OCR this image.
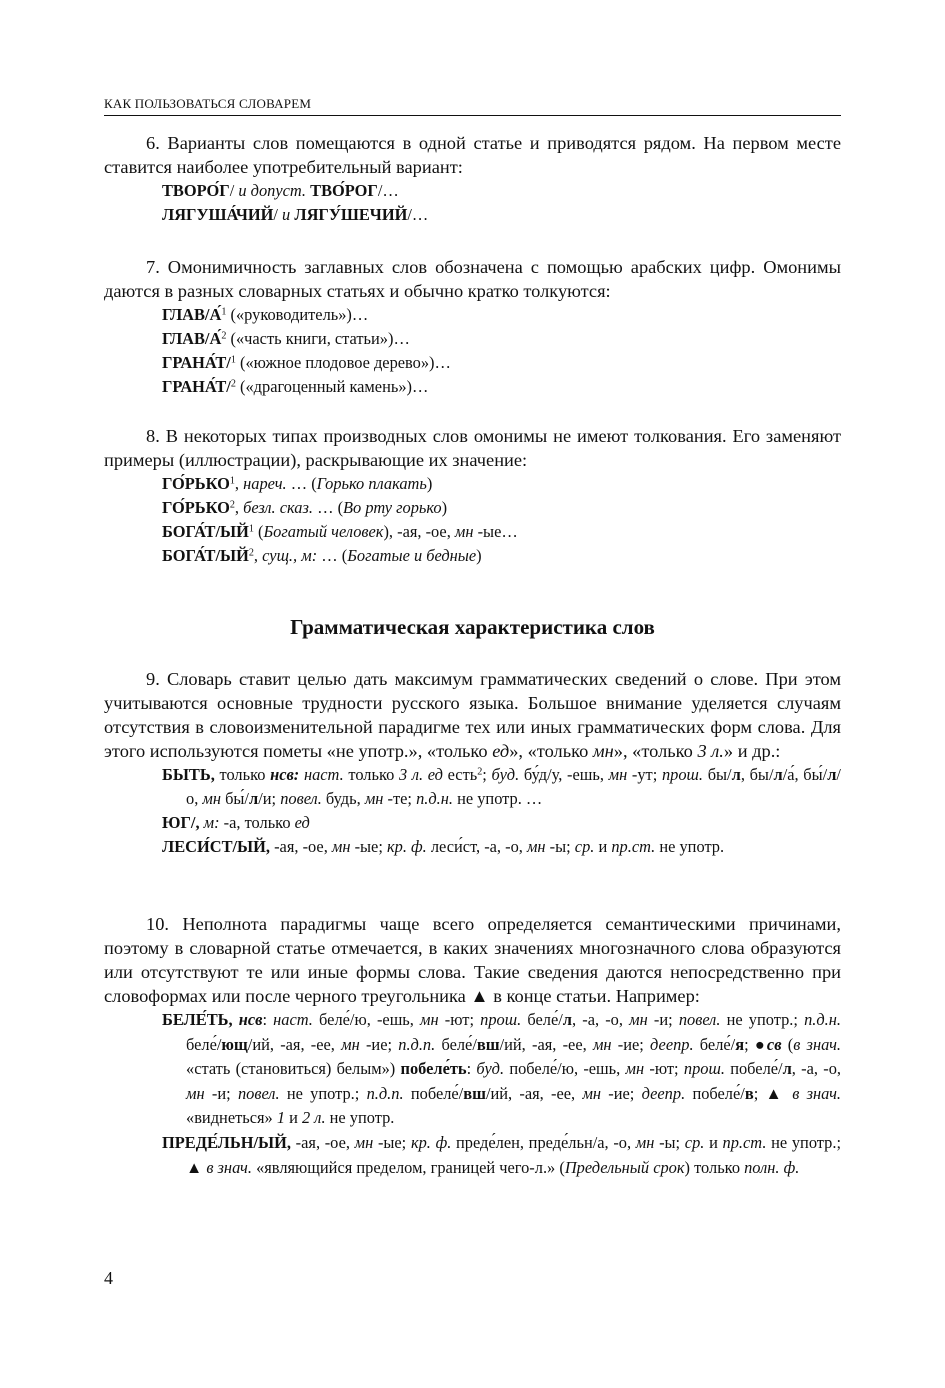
КАК ПОЛЬЗОВАТЬСЯ СЛОВАРЕМ

6. Варианты слов помещаются в одной статье и приводятся рядом. На первом месте ставится наиболее употребительный вариант:

ТВОРО́Г/ и допуст. ТВО́РОГ/…
ЛЯГУША́ЧИЙ/ и ЛЯГУ́ШЕЧИЙ/…

7. Омонимичность заглавных слов обозначена с помощью арабских цифр. Омонимы даются в разных словарных статьях и обычно кратко толкуются:

ГЛАВ/А́$^1$ («руководитель»)…
ГЛАВ/А́$^2$ («часть книги, статьи»)…
ГРАНА́Т/$^1$ («южное плодовое дерево»)…
ГРАНА́Т/$^2$ («драгоценный камень»)…

8. В некоторых типах производных слов омонимы не имеют толкования. Его заменяют примеры (иллюстрации), раскрывающие их значение:

ГО́РЬКО$^1$, нареч. … (Горько плакать)
ГО́РЬКО$^2$, безл. сказ. … (Во рту горько)
$БОГА́Т/ЫЙ^1$ (Богатый человек), -ая, -ое, мн -ые…
$БОГА́Т/ЫЙ^2$, сущ., м: … (Богатые и бедные)
Грамматическая характеристика слов

9. Словарь ставит целью дать максимум грамматических сведений о слове. При этом учитываются основные трудности русского языка. Большое внимание уделяется случаям отсутствия в словоизменительной парадигме тех или иных грамматических форм слова. Для этого используются пометы «не употр.», «только ед», «только мн», «только 3 л.» и др.:

БЫТЬ, только нсв: наст. только 3 л. ед есть$^2$; буд. бу́д/у, -ешь, мн -ут; прош. бы/л, бы/л/а́, бы́/л/о, мн бы́/л/и; повел. будь, мн -те; п.д.н. не употр. …
ЮГ/, м: -а, только ед
ЛЕСИ́СТ/ЫЙ, -ая, -ое, мн -ые; кр. ф. леси́ст, -а, -о, мн -ы; ср. и пр.ст. не употр.

10. Неполнота парадигмы чаще всего определяется семантическими причинами, поэтому в словарной статье отмечается, в каких значениях многозначного слова образуются или отсутствуют те или иные формы слова. Такие сведения даются непосредственно при словоформах или после черного треугольника ▲ в конце статьи. Например:

БЕЛЕ́ТЬ, нсв: наст. беле́/ю, -ешь, мн -ют; прош. беле́/л, -а, -о, мн -и; повел. не употр.; п.д.н. беле́/ющ/ий, -ая, -ее, мн -ие; п.д.п. беле́/вш/ий, -ая, -ее, мн -ие; деепр. беле́/я; ●св (в знач. «стать (становиться) белым») побеле́ть: буд. побеле́/ю, -ешь, мн -ют; прош. побеле́/л, -а, -о, мн -и; повел. не употр.; п.д.п. побеле́/вш/ий, -ая, -ее, мн -ие; деепр. побеле́/в; ▲ в знач. «виднеться» 1 и 2 л. не употр.
ПРЕДЕ́ЛЬН/ЫЙ, -ая, -ое, мн -ые; кр. ф. преде́лен, преде́льн/а, -о, мн -ы; ср. и пр.ст. не употр.; ▲ в знач. «являющийся пределом, границей чего-л.» (Предельный срок) только полн. ф.
4
